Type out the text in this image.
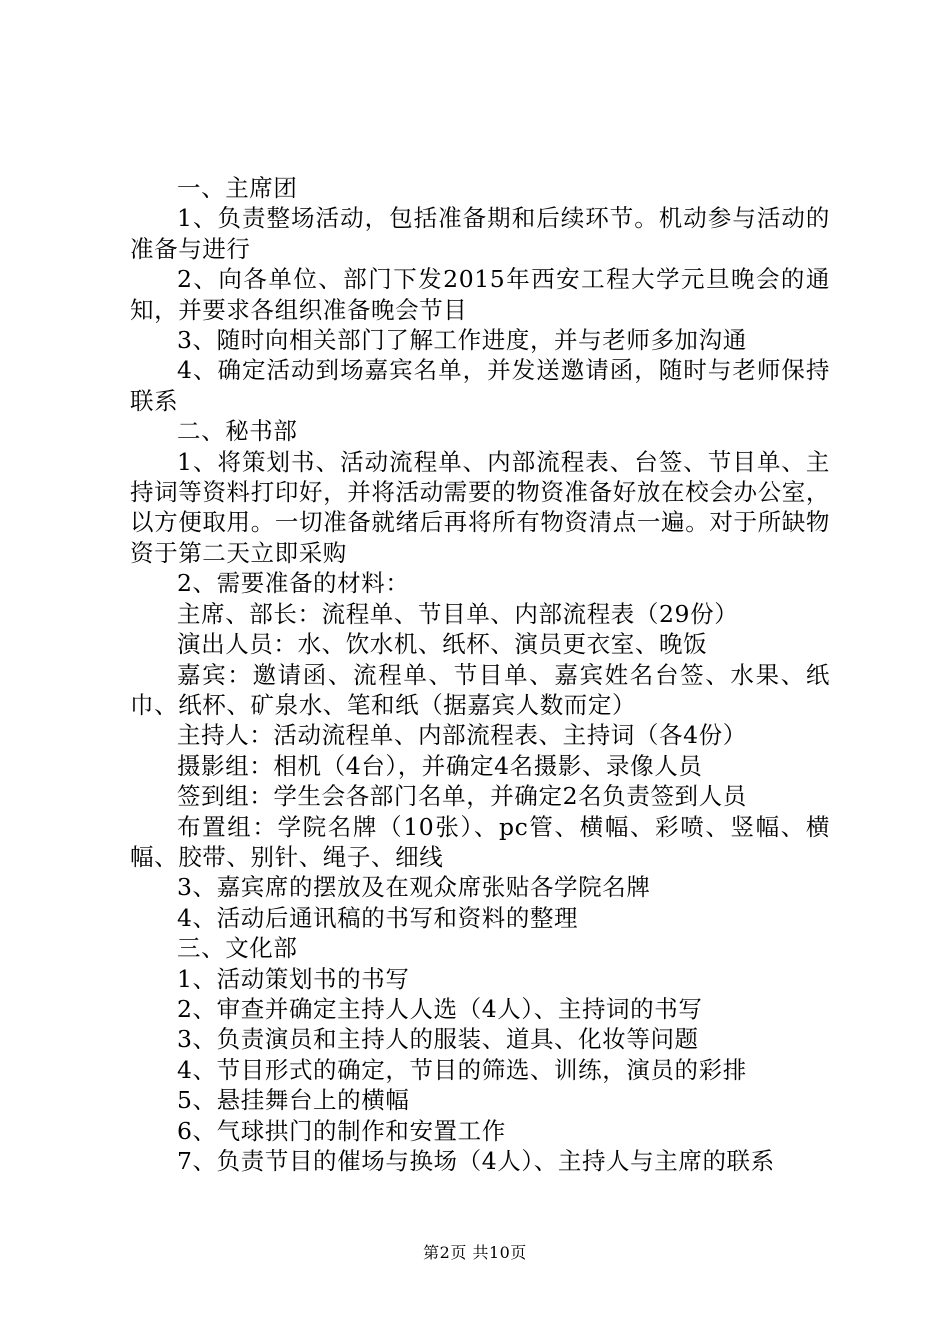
一、主席团

1、负责整场活动，包括准备期和后续环节。机动参与活动的准备与进行

2、向各单位、部门下发2015年西安工程大学元旦晚会的通知，并要求各组织准备晚会节目

3、随时向相关部门了解工作进度，并与老师多加沟通

4、确定活动到场嘉宾名单，并发送邀请函，随时与老师保持联系

二、秘书部

1、将策划书、活动流程单、内部流程表、台签、节目单、主持词等资料打印好，并将活动需要的物资准备好放在校会办公室，以方便取用。一切准备就绪后再将所有物资清点一遍。对于所缺物资于第二天立即采购

2、需要准备的材料：

主席、部长：流程单、节目单、内部流程表（29份）

演出人员：水、饮水机、纸杯、演员更衣室、晚饭

嘉宾：邀请函、流程单、节目单、嘉宾姓名台签、水果、纸巾、纸杯、矿泉水、笔和纸（据嘉宾人数而定）

主持人：活动流程单、内部流程表、主持词（各4份）

摄影组：相机（4台），并确定4名摄影、录像人员

签到组：学生会各部门名单，并确定2名负责签到人员

布置组：学院名牌（10张）、pc管、横幅、彩喷、竖幅、横幅、胶带、别针、绳子、细线

3、嘉宾席的摆放及在观众席张贴各学院名牌

4、活动后通讯稿的书写和资料的整理

三、文化部

1、活动策划书的书写

2、审查并确定主持人人选（4人）、主持词的书写

3、负责演员和主持人的服装、道具、化妆等问题

4、节目形式的确定，节目的筛选、训练，演员的彩排

5、悬挂舞台上的横幅

6、气球拱门的制作和安置工作

7、负责节目的催场与换场（4人）、主持人与主席的联系

第2页 共10页
